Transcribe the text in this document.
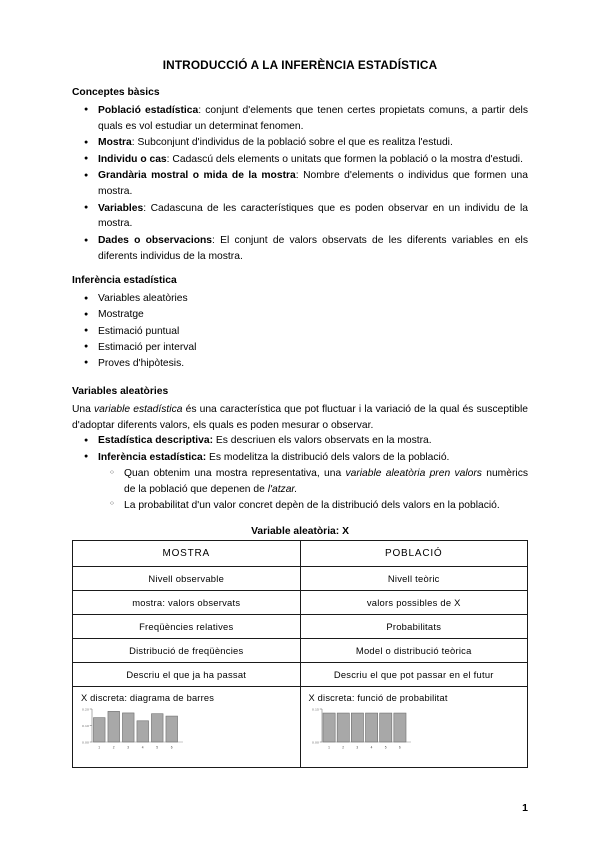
INTRODUCCIÓ A LA INFERÈNCIA ESTADÍSTICA
Conceptes bàsics
● Població estadística: conjunt d'elements que tenen certes propietats comuns, a partir dels quals es vol estudiar un determinat fenomen.
● Mostra: Subconjunt d'individus de la població sobre el que es realitza l'estudi.
● Individu o cas: Cadascú dels elements o unitats que formen la població o la mostra d'estudi.
● Grandària mostral o mida de la mostra: Nombre d'elements o individus que formen una mostra.
● Variables: Cadascuna de les característiques que es poden observar en un individu de la mostra.
● Dades o observacions: El conjunt de valors observats de les diferents variables en els diferents individus de la mostra.
Inferència estadística
● Variables aleatòries
● Mostratge
● Estimació puntual
● Estimació per interval
● Proves d'hipòtesis.
Variables aleatòries

Una variable estadística és una característica que pot fluctuar i la variació de la qual és susceptible d'adoptar diferents valors, els quals es poden mesurar o observar.

● Estadística descriptiva: Es descriuen els valors observats en la mostra.
● Inferència estadística: Es modelitza la distribució dels valors de la població.
○ Quan obtenim una mostra representativa, una variable aleatòria pren valors numèrics de la població que depenen de l'atzar.
○ La probabilitat d'un valor concret depèn de la distribució dels valors en la població.
Variable aleatòria: X
MOSTRA	POBLACIÓ
Nivell observable	Nivell teòric
mostra: valors observats	valors possibles de X
Freqüències relatives	Probabilitats
Distribució de freqüències	Model o distribució teòrica
Descriu el que ja ha passat	Descriu el que pot passar en el futur

X discreta: diagrama de barres
0.20
0.10
0.00
1	2	3	4	5	6

X discreta: funció de probabilitat
0.15
0.00
1	2	3	4	5	6
1
